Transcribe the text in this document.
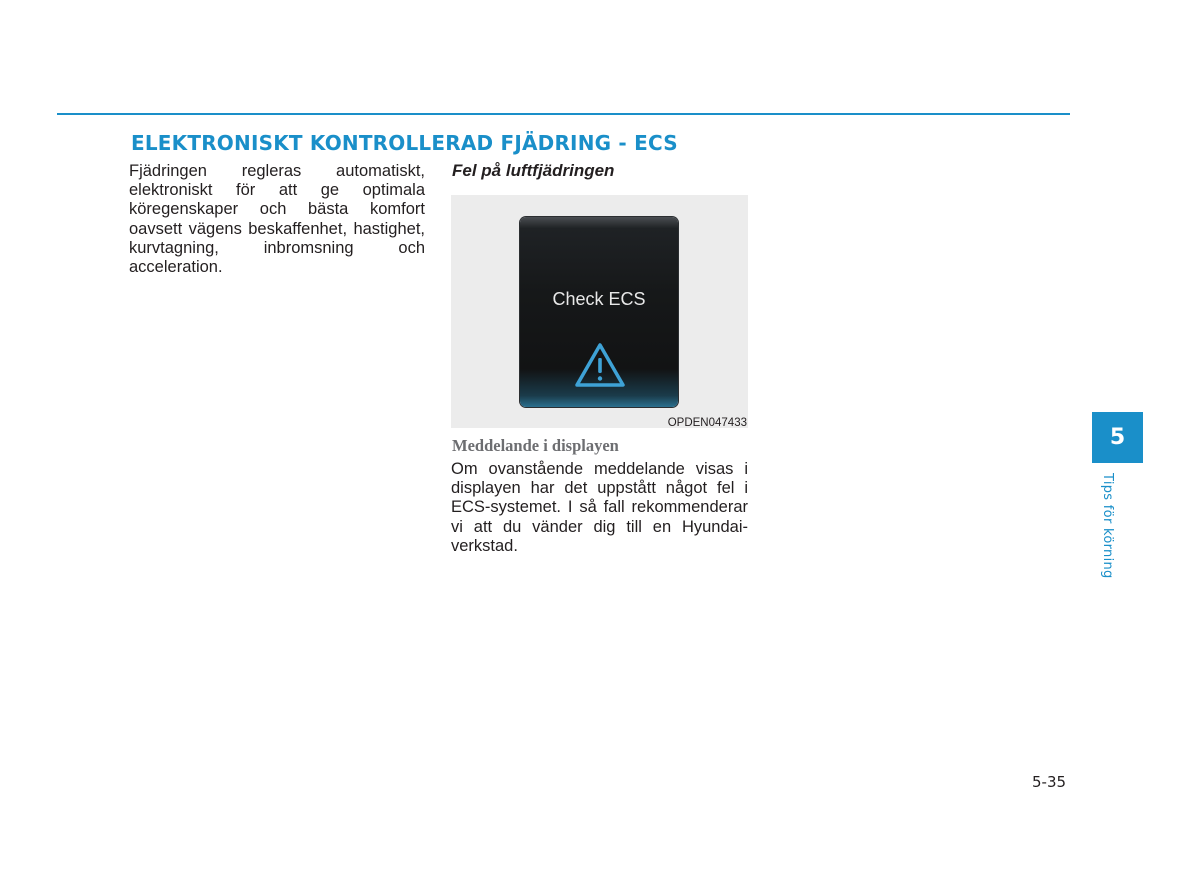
ELEKTRONISKT KONTROLLERAD FJÄDRING - ECS

Fjädringen regleras automatiskt, elektroniskt för att ge optimala köregenskaper och bästa komfort oavsett vägens beskaffenhet, hastighet, kurvtagning, inbromsning och acceleration.

Fel på luftfjädringen
Check ECS
OPDEN047433
Meddelande i displayen

Om ovanstående meddelande visas i displayen har det uppstått något fel i ECS-systemet. I så fall rekommenderar vi att du vänder dig till en Hyundai-verkstad.

5
Tips för körning
5-35
